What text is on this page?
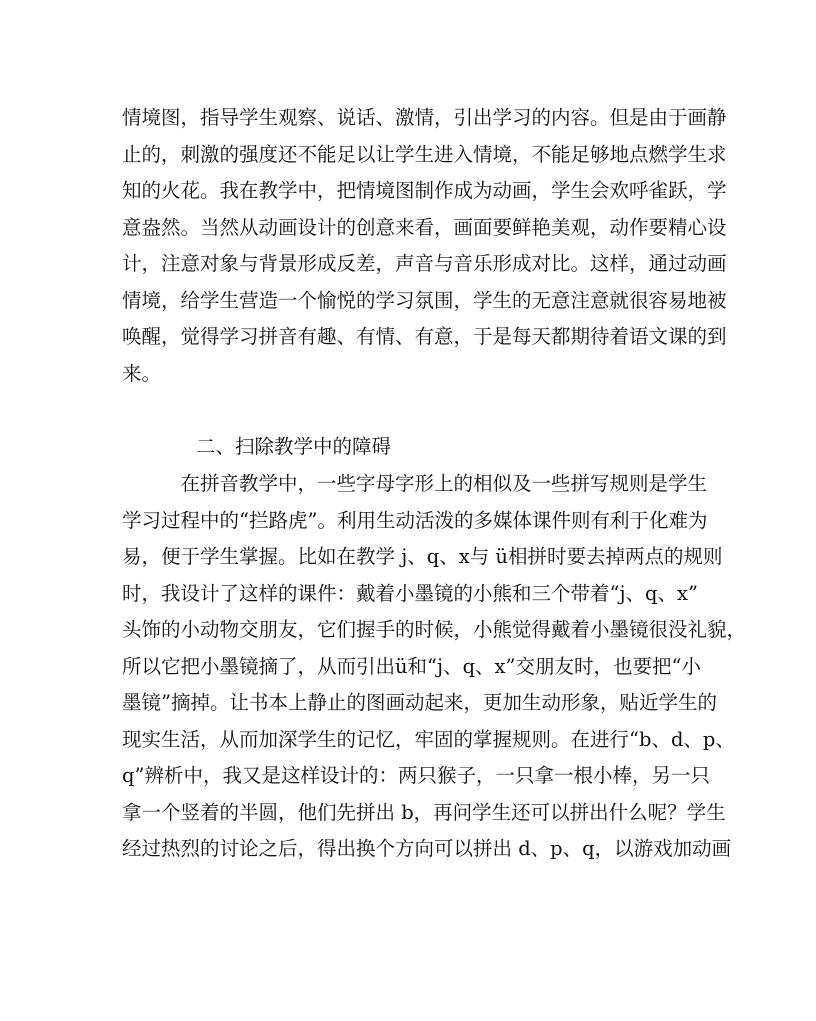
情境图，指导学生观察、说话、激情，引出学习的内容。但是由于画静
止的，刺激的强度还不能足以让学生进入情境，不能足够地点燃学生求
知的火花。我在教学中，把情境图制作成为动画，学生会欢呼雀跃，学
意盎然。当然从动画设计的创意来看，画面要鲜艳美观，动作要精心设
计，注意对象与背景形成反差，声音与音乐形成对比。这样，通过动画
情境，给学生营造一个愉悦的学习氛围，学生的无意注意就很容易地被
唤醒，觉得学习拼音有趣、有情、有意，于是每天都期待着语文课的到
来。
二、扫除教学中的障碍
　　　在拼音教学中，一些字母字形上的相似及一些拼写规则是学生
学习过程中的“拦路虎”。利用生动活泼的多媒体课件则有利于化难为
易，便于学生掌握。比如在教学 j、q、x与 ü相拼时要去掉两点的规则
时，我设计了这样的课件：戴着小墨镜的小熊和三个带着“j、q、x”
头饰的小动物交朋友，它们握手的时候，小熊觉得戴着小墨镜很没礼貌，
所以它把小墨镜摘了，从而引出ü和“j、q、x”交朋友时，也要把“小
墨镜”摘掉。让书本上静止的图画动起来，更加生动形象，贴近学生的
现实生活，从而加深学生的记忆，牢固的掌握规则。在进行“b、d、p、
q”辨析中，我又是这样设计的：两只猴子，一只拿一根小棒，另一只
拿一个竖着的半圆，他们先拼出 b，再问学生还可以拼出什么呢？学生
经过热烈的讨论之后，得出换个方向可以拼出 d、p、q，以游戏加动画
